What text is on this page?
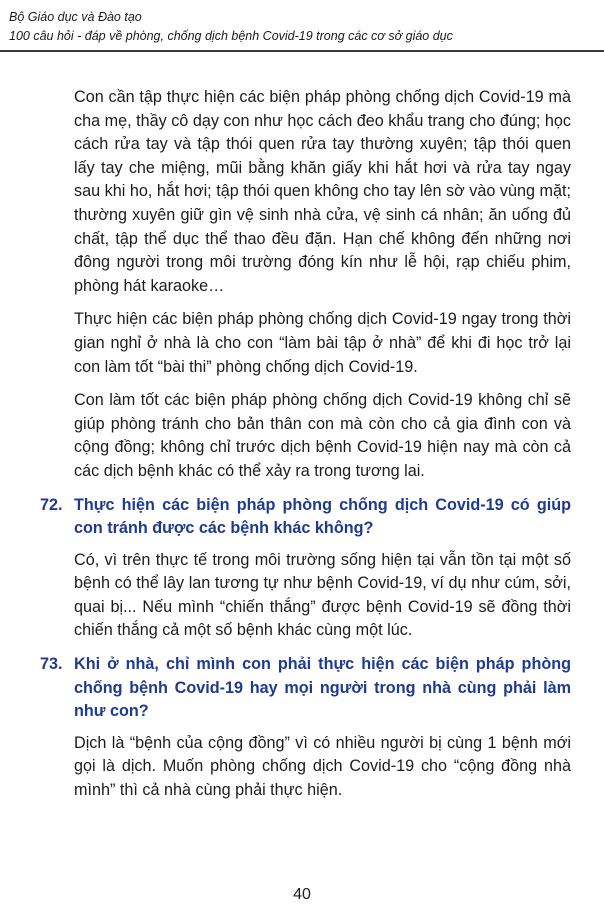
Bộ Giáo dục và Đào tạo
100 câu hỏi - đáp về phòng, chống dịch bệnh Covid-19 trong các cơ sở giáo dục

Con cần tập thực hiện các biện pháp phòng chống dịch Covid-19 mà cha mẹ, thầy cô dạy con như học cách đeo khẩu trang cho đúng; học cách rửa tay và tập thói quen rửa tay thường xuyên; tập thói quen lấy tay che miệng, mũi bằng khăn giấy khi hắt hơi và rửa tay ngay sau khi ho, hắt hơi; tập thói quen không cho tay lên sờ vào vùng mặt; thường xuyên giữ gìn vệ sinh nhà cửa, vệ sinh cá nhân; ăn uống đủ chất, tập thể dục thể thao đều đặn. Hạn chế không đến những nơi đông người trong môi trường đóng kín như lễ hội, rạp chiếu phim, phòng hát karaoke…

Thực hiện các biện pháp phòng chống dịch Covid-19 ngay trong thời gian nghỉ ở nhà là cho con “làm bài tập ở nhà” để khi đi học trở lại con làm tốt “bài thi” phòng chống dịch Covid-19.

Con làm tốt các biện pháp phòng chống dịch Covid-19 không chỉ sẽ giúp phòng tránh cho bản thân con mà còn cho cả gia đình con và cộng đồng; không chỉ trước dịch bệnh Covid-19 hiện nay mà còn cả các dịch bệnh khác có thể xảy ra trong tương lai.

72. Thực hiện các biện pháp phòng chống dịch Covid-19 có giúp con tránh được các bệnh khác không?

Có, vì trên thực tế trong môi trường sống hiện tại vẫn tồn tại một số bệnh có thể lây lan tương tự như bệnh Covid-19, ví dụ như cúm, sởi, quai bị... Nếu mình “chiến thắng” được bệnh Covid-19 sẽ đồng thời chiến thắng cả một số bệnh khác cùng một lúc.

73. Khi ở nhà, chỉ mình con phải thực hiện các biện pháp phòng chống bệnh Covid-19 hay mọi người trong nhà cùng phải làm như con?

Dịch là “bệnh của cộng đồng” vì có nhiều người bị cùng 1 bệnh mới gọi là dịch. Muốn phòng chống dịch Covid-19 cho “cộng đồng nhà mình” thì cả nhà cùng phải thực hiện.

40
